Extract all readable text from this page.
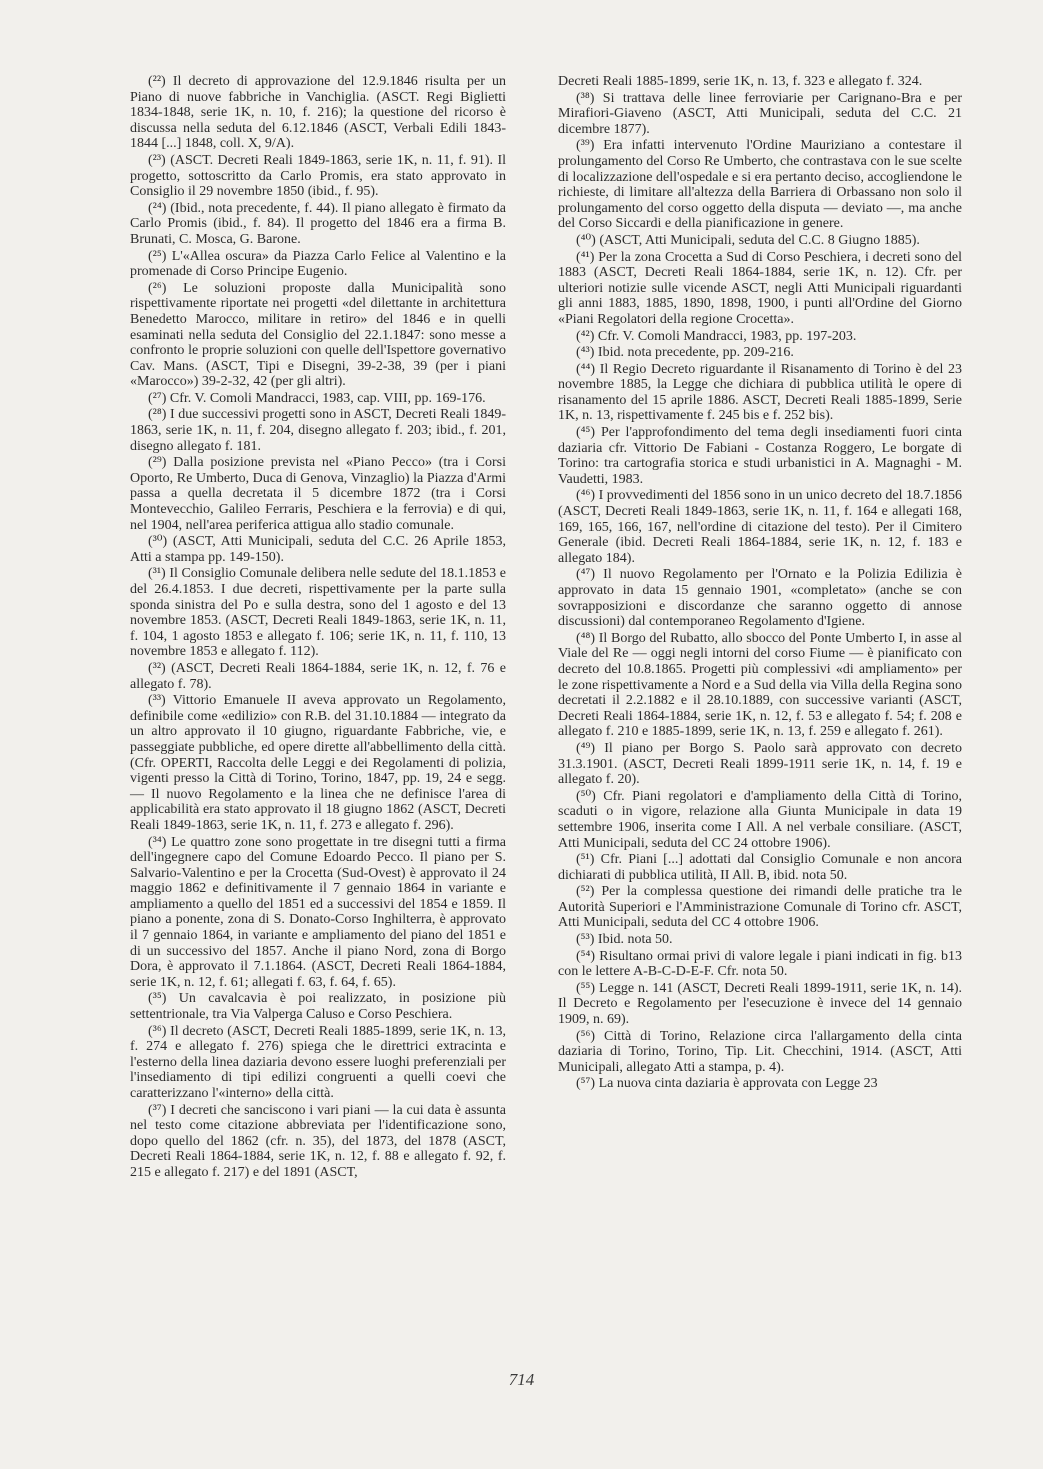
(²²) Il decreto di approvazione del 12.9.1846 risulta per un Piano di nuove fabbriche in Vanchiglia. (ASCT. Regi Biglietti 1834-1848, serie 1K, n. 10, f. 216); la questione del ricorso è discussa nella seduta del 6.12.1846 (ASCT, Verbali Edili 1843-1844 [...] 1848, coll. X, 9/A).

(²³) (ASCT. Decreti Reali 1849-1863, serie 1K, n. 11, f. 91). Il progetto, sottoscritto da Carlo Promis, era stato approvato in Consiglio il 29 novembre 1850 (ibid., f. 95).

(²⁴) (Ibid., nota precedente, f. 44). Il piano allegato è firmato da Carlo Promis (ibid., f. 84). Il progetto del 1846 era a firma B. Brunati, C. Mosca, G. Barone.

(²⁵) L'«Allea oscura» da Piazza Carlo Felice al Valentino e la promenade di Corso Principe Eugenio.

(²⁶) Le soluzioni proposte dalla Municipalità sono rispettivamente riportate nei progetti «del dilettante in architettura Benedetto Marocco, militare in retiro» del 1846 e in quelli esaminati nella seduta del Consiglio del 22.1.1847: sono messe a confronto le proprie soluzioni con quelle dell'Ispettore governativo Cav. Mans. (ASCT, Tipi e Disegni, 39-2-38, 39 (per i piani «Marocco») 39-2-32, 42 (per gli altri).

(²⁷) Cfr. V. Comoli Mandracci, 1983, cap. VIII, pp. 169-176.

(²⁸) I due successivi progetti sono in ASCT, Decreti Reali 1849-1863, serie 1K, n. 11, f. 204, disegno allegato f. 203; ibid., f. 201, disegno allegato f. 181.

(²⁹) Dalla posizione prevista nel «Piano Pecco» (tra i Corsi Oporto, Re Umberto, Duca di Genova, Vinzaglio) la Piazza d'Armi passa a quella decretata il 5 dicembre 1872 (tra i Corsi Montevecchio, Galileo Ferraris, Peschiera e la ferrovia) e di qui, nel 1904, nell'area periferica attigua allo stadio comunale.

(³⁰) (ASCT, Atti Municipali, seduta del C.C. 26 Aprile 1853, Atti a stampa pp. 149-150).

(³¹) Il Consiglio Comunale delibera nelle sedute del 18.1.1853 e del 26.4.1853. I due decreti, rispettivamente per la parte sulla sponda sinistra del Po e sulla destra, sono del 1 agosto e del 13 novembre 1853. (ASCT, Decreti Reali 1849-1863, serie 1K, n. 11, f. 104, 1 agosto 1853 e allegato f. 106; serie 1K, n. 11, f. 110, 13 novembre 1853 e allegato f. 112).

(³²) (ASCT, Decreti Reali 1864-1884, serie 1K, n. 12, f. 76 e allegato f. 78).

(³³) Vittorio Emanuele II aveva approvato un Regolamento, definibile come «edilizio» con R.B. del 31.10.1884 — integrato da un altro approvato il 10 giugno, riguardante Fabbriche, vie, e passeggiate pubbliche, ed opere dirette all'abbellimento della città. (Cfr. OPERTI, Raccolta delle Leggi e dei Regolamenti di polizia, vigenti presso la Città di Torino, Torino, 1847, pp. 19, 24 e segg. — Il nuovo Regolamento e la linea che ne definisce l'area di applicabilità era stato approvato il 18 giugno 1862 (ASCT, Decreti Reali 1849-1863, serie 1K, n. 11, f. 273 e allegato f. 296).

(³⁴) Le quattro zone sono progettate in tre disegni tutti a firma dell'ingegnere capo del Comune Edoardo Pecco. Il piano per S. Salvario-Valentino e per la Crocetta (Sud-Ovest) è approvato il 24 maggio 1862 e definitivamente il 7 gennaio 1864 in variante e ampliamento a quello del 1851 ed a successivi del 1854 e 1859. Il piano a ponente, zona di S. Donato-Corso Inghilterra, è approvato il 7 gennaio 1864, in variante e ampliamento del piano del 1851 e di un successivo del 1857. Anche il piano Nord, zona di Borgo Dora, è approvato il 7.1.1864. (ASCT, Decreti Reali 1864-1884, serie 1K, n. 12, f. 61; allegati f. 63, f. 64, f. 65).

(³⁵) Un cavalcavia è poi realizzato, in posizione più settentrionale, tra Via Valperga Caluso e Corso Peschiera.

(³⁶) Il decreto (ASCT, Decreti Reali 1885-1899, serie 1K, n. 13, f. 274 e allegato f. 276) spiega che le direttrici extracinta e l'esterno della linea daziaria devono essere luoghi preferenziali per l'insediamento di tipi edilizi congruenti a quelli coevi che caratterizzano l'«interno» della città.

(³⁷) I decreti che sanciscono i vari piani — la cui data è assunta nel testo come citazione abbreviata per l'identificazione sono, dopo quello del 1862 (cfr. n. 35), del 1873, del 1878 (ASCT, Decreti Reali 1864-1884, serie 1K, n. 12, f. 88 e allegato f. 92, f. 215 e allegato f. 217) e del 1891 (ASCT,

Decreti Reali 1885-1899, serie 1K, n. 13, f. 323 e allegato f. 324.

(³⁸) Si trattava delle linee ferroviarie per Carignano-Bra e per Mirafiori-Giaveno (ASCT, Atti Municipali, seduta del C.C. 21 dicembre 1877).

(³⁹) Era infatti intervenuto l'Ordine Mauriziano a contestare il prolungamento del Corso Re Umberto, che contrastava con le sue scelte di localizzazione dell'ospedale e si era pertanto deciso, accogliendone le richieste, di limitare all'altezza della Barriera di Orbassano non solo il prolungamento del corso oggetto della disputa — deviato —, ma anche del Corso Siccardi e della pianificazione in genere.

(⁴⁰) (ASCT, Atti Municipali, seduta del C.C. 8 Giugno 1885).

(⁴¹) Per la zona Crocetta a Sud di Corso Peschiera, i decreti sono del 1883 (ASCT, Decreti Reali 1864-1884, serie 1K, n. 12). Cfr. per ulteriori notizie sulle vicende ASCT, negli Atti Municipali riguardanti gli anni 1883, 1885, 1890, 1898, 1900, i punti all'Ordine del Giorno «Piani Regolatori della regione Crocetta».

(⁴²) Cfr. V. Comoli Mandracci, 1983, pp. 197-203.

(⁴³) Ibid. nota precedente, pp. 209-216.

(⁴⁴) Il Regio Decreto riguardante il Risanamento di Torino è del 23 novembre 1885, la Legge che dichiara di pubblica utilità le opere di risanamento del 15 aprile 1886. ASCT, Decreti Reali 1885-1899, Serie 1K, n. 13, rispettivamente f. 245 bis e f. 252 bis).

(⁴⁵) Per l'approfondimento del tema degli insediamenti fuori cinta daziaria cfr. Vittorio De Fabiani - Costanza Roggero, Le borgate di Torino: tra cartografia storica e studi urbanistici in A. Magnaghi - M. Vaudetti, 1983.

(⁴⁶) I provvedimenti del 1856 sono in un unico decreto del 18.7.1856 (ASCT, Decreti Reali 1849-1863, serie 1K, n. 11, f. 164 e allegati 168, 169, 165, 166, 167, nell'ordine di citazione del testo). Per il Cimitero Generale (ibid. Decreti Reali 1864-1884, serie 1K, n. 12, f. 183 e allegato 184).

(⁴⁷) Il nuovo Regolamento per l'Ornato e la Polizia Edilizia è approvato in data 15 gennaio 1901, «completato» (anche se con sovrapposizioni e discordanze che saranno oggetto di annose discussioni) dal contemporaneo Regolamento d'Igiene.

(⁴⁸) Il Borgo del Rubatto, allo sbocco del Ponte Umberto I, in asse al Viale del Re — oggi negli intorni del corso Fiume — è pianificato con decreto del 10.8.1865. Progetti più complessivi «di ampliamento» per le zone rispettivamente a Nord e a Sud della via Villa della Regina sono decretati il 2.2.1882 e il 28.10.1889, con successive varianti (ASCT, Decreti Reali 1864-1884, serie 1K, n. 12, f. 53 e allegato f. 54; f. 208 e allegato f. 210 e 1885-1899, serie 1K, n. 13, f. 259 e allegato f. 261).

(⁴⁹) Il piano per Borgo S. Paolo sarà approvato con decreto 31.3.1901. (ASCT, Decreti Reali 1899-1911 serie 1K, n. 14, f. 19 e allegato f. 20).

(⁵⁰) Cfr. Piani regolatori e d'ampliamento della Città di Torino, scaduti o in vigore, relazione alla Giunta Municipale in data 19 settembre 1906, inserita come I All. A nel verbale consiliare. (ASCT, Atti Municipali, seduta del CC 24 ottobre 1906).

(⁵¹) Cfr. Piani [...] adottati dal Consiglio Comunale e non ancora dichiarati di pubblica utilità, II All. B, ibid. nota 50.

(⁵²) Per la complessa questione dei rimandi delle pratiche tra le Autorità Superiori e l'Amministrazione Comunale di Torino cfr. ASCT, Atti Municipali, seduta del CC 4 ottobre 1906.

(⁵³) Ibid. nota 50.

(⁵⁴) Risultano ormai privi di valore legale i piani indicati in fig. b13 con le lettere A-B-C-D-E-F. Cfr. nota 50.

(⁵⁵) Legge n. 141 (ASCT, Decreti Reali 1899-1911, serie 1K, n. 14). Il Decreto e Regolamento per l'esecuzione è invece del 14 gennaio 1909, n. 69).

(⁵⁶) Città di Torino, Relazione circa l'allargamento della cinta daziaria di Torino, Torino, Tip. Lit. Checchini, 1914. (ASCT, Atti Municipali, allegato Atti a stampa, p. 4).

(⁵⁷) La nuova cinta daziaria è approvata con Legge 23

714
